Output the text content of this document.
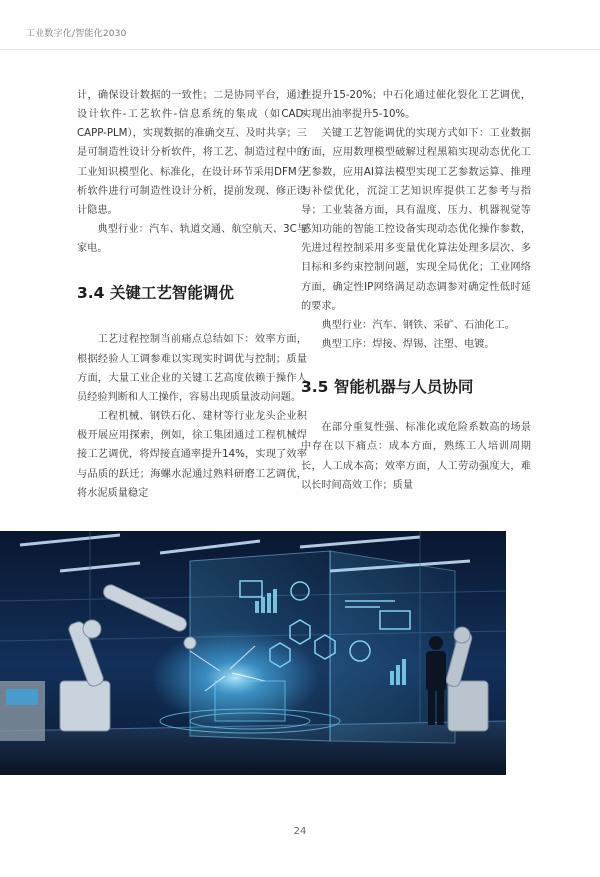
工业数字化/智能化2030

计，确保设计数据的一致性；二是协同平台，通过设计软件-工艺软件-信息系统的集成（如CAD-CAPP-PLM），实现数据的准确交互、及时共享；三是可制造性设计分析软件，将工艺、制造过程中的工业知识模型化、标准化，在设计环节采用DFM分析软件进行可制造性设计分析，提前发现、修正设计隐患。

典型行业：汽车、轨道交通、航空航天、3C与家电。

3.4 关键工艺智能调优

工艺过程控制当前痛点总结如下：效率方面，根据经验人工调参难以实现实时调优与控制；质量方面，大量工业企业的关键工艺高度依赖于操作人员经验判断和人工操作，容易出现质量波动问题。

工程机械、钢铁石化、建材等行业龙头企业积极开展应用探索，例如，徐工集团通过工程机械焊接工艺调优，将焊接直通率提升14%，实现了效率与品质的跃迁；海螺水泥通过熟料研磨工艺调优，将水泥质量稳定

性提升15-20%；中石化通过催化裂化工艺调优，实现出油率提升5-10%。

关键工艺智能调优的实现方式如下：工业数据方面，应用数理模型破解过程黑箱实现动态优化工艺参数，应用AI算法模型实现工艺参数运算、推理与补偿优化，沉淀工艺知识库提供工艺参考与指导；工业装备方面，具有温度、压力、机器视觉等感知功能的智能工控设备实现动态优化操作参数，先进过程控制采用多变量优化算法处理多层次、多目标和多约束控制问题，实现全局优化；工业网络方面，确定性IP网络满足动态调参对确定性低时延的要求。

典型行业：汽车、钢铁、采矿、石油化工。

典型工序：焊接、焊锡、注塑、电镀。

3.5 智能机器与人员协同

在部分重复性强、标准化或危险系数高的场景中存在以下痛点：成本方面，熟练工人培训周期长，人工成本高；效率方面，人工劳动强度大，难以长时间高效工作；质量

24
